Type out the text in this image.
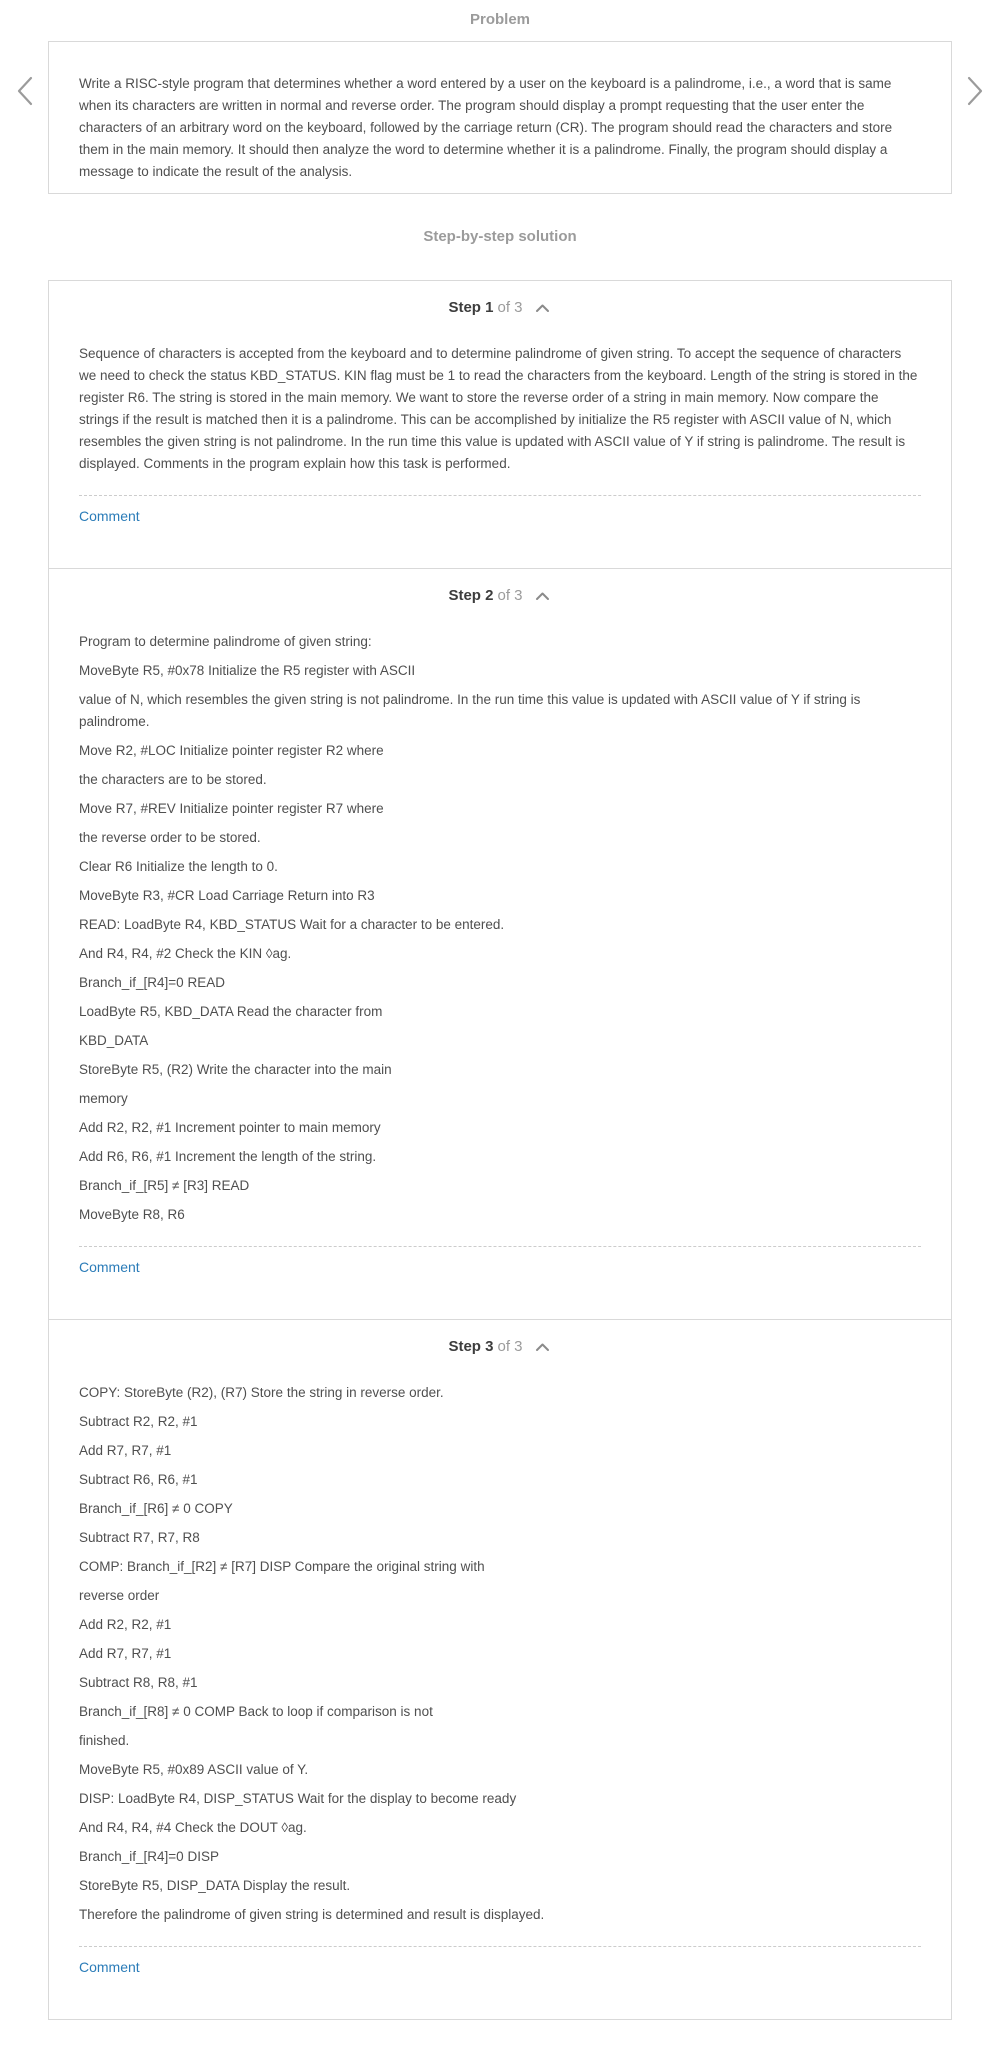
Problem

Write a RISC-style program that determines whether a word entered by a user on the keyboard is a palindrome, i.e., a word that is same when its characters are written in normal and reverse order. The program should display a prompt requesting that the user enter the characters of an arbitrary word on the keyboard, followed by the carriage return (CR). The program should read the characters and store them in the main memory. It should then analyze the word to determine whether it is a palindrome. Finally, the program should display a message to indicate the result of the analysis.

Step-by-step solution
Step 1 of 3

Sequence of characters is accepted from the keyboard and to determine palindrome of given string. To accept the sequence of characters we need to check the status KBD_STATUS. KIN flag must be 1 to read the characters from the keyboard. Length of the string is stored in the register R6. The string is stored in the main memory. We want to store the reverse order of a string in main memory. Now compare the strings if the result is matched then it is a palindrome. This can be accomplished by initialize the R5 register with ASCII value of N, which resembles the given string is not palindrome. In the run time this value is updated with ASCII value of Y if string is palindrome. The result is displayed. Comments in the program explain how this task is performed.

Comment
Step 2 of 3

Program to determine palindrome of given string:

MoveByte R5, #0x78 Initialize the R5 register with ASCII

value of N, which resembles the given string is not palindrome. In the run time this value is updated with ASCII value of Y if string is palindrome.

Move R2, #LOC Initialize pointer register R2 where

the characters are to be stored.

Move R7, #REV Initialize pointer register R7 where

the reverse order to be stored.

Clear R6 Initialize the length to 0.

MoveByte R3, #CR Load Carriage Return into R3

READ: LoadByte R4, KBD_STATUS Wait for a character to be entered.

And R4, R4, #2 Check the KIN ◊ag.

Branch_if_[R4]=0 READ

LoadByte R5, KBD_DATA Read the character from

KBD_DATA

StoreByte R5, (R2) Write the character into the main

memory

Add R2, R2, #1 Increment pointer to main memory

Add R6, R6, #1 Increment the length of the string.

Branch_if_[R5] ≠ [R3] READ

MoveByte R8, R6

Comment
Step 3 of 3

COPY: StoreByte (R2), (R7) Store the string in reverse order.

Subtract R2, R2, #1

Add R7, R7, #1

Subtract R6, R6, #1

Branch_if_[R6] ≠ 0 COPY

Subtract R7, R7, R8

COMP: Branch_if_[R2] ≠ [R7] DISP Compare the original string with

reverse order

Add R2, R2, #1

Add R7, R7, #1

Subtract R8, R8, #1

Branch_if_[R8] ≠ 0 COMP Back to loop if comparison is not

finished.

MoveByte R5, #0x89 ASCII value of Y.

DISP: LoadByte R4, DISP_STATUS Wait for the display to become ready

And R4, R4, #4 Check the DOUT ◊ag.

Branch_if_[R4]=0 DISP

StoreByte R5, DISP_DATA Display the result.

Therefore the palindrome of given string is determined and result is displayed.

Comment
